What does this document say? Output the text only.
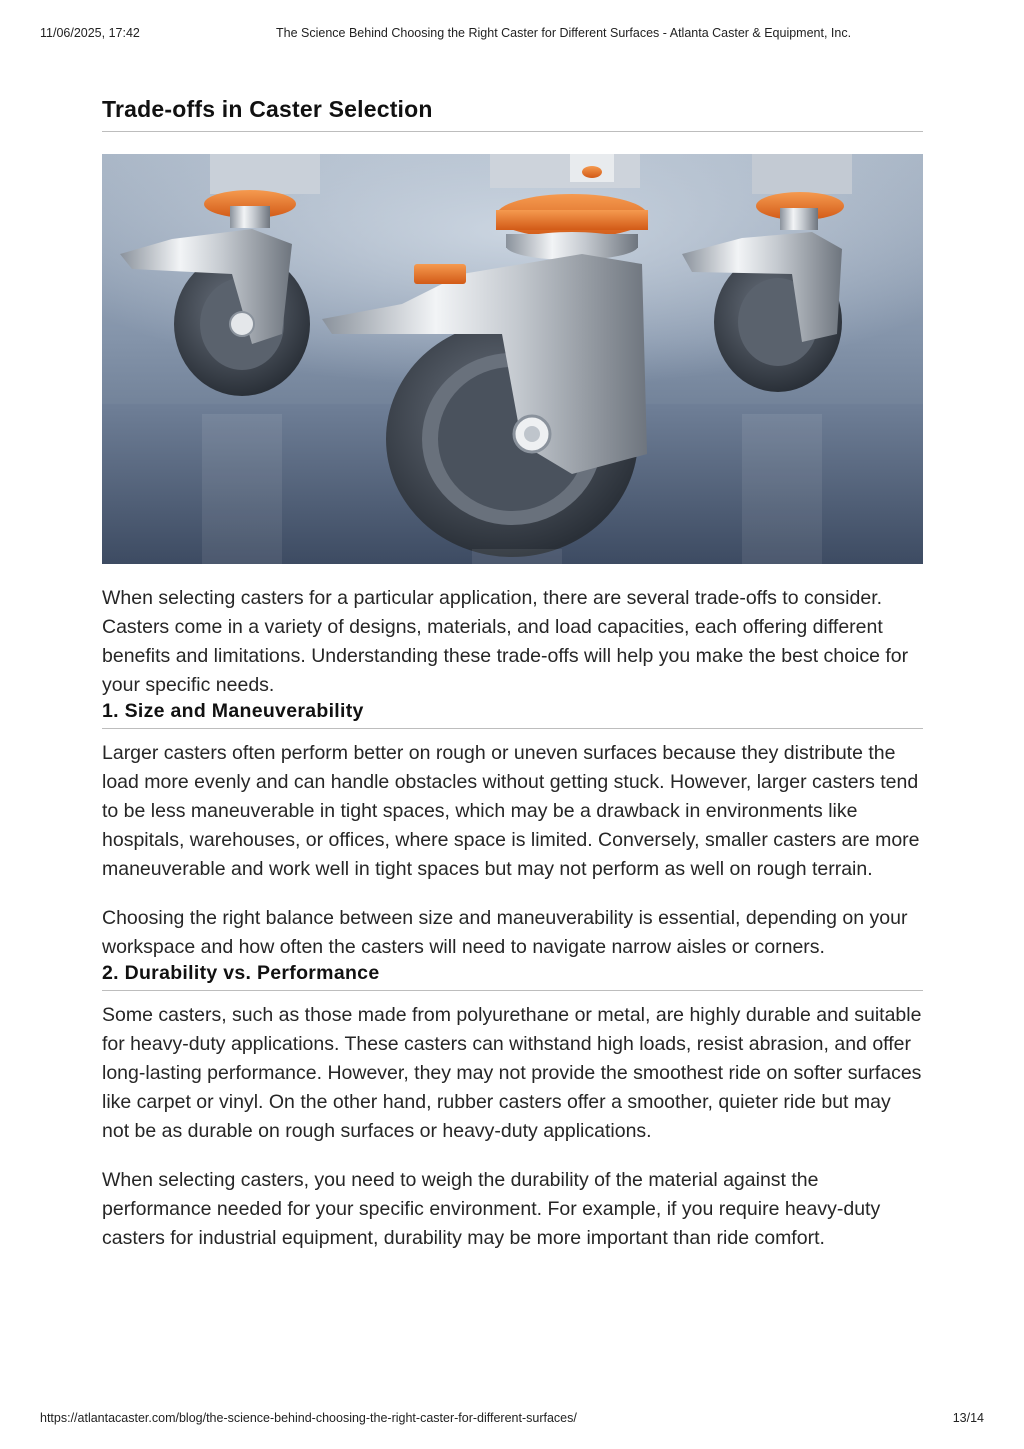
11/06/2025, 17:42	The Science Behind Choosing the Right Caster for Different Surfaces - Atlanta Caster & Equipment, Inc.
Trade-offs in Caster Selection

When selecting casters for a particular application, there are several trade-offs to consider. Casters come in a variety of designs, materials, and load capacities, each offering different benefits and limitations. Understanding these trade-offs will help you make the best choice for your specific needs.

1. Size and Maneuverability

Larger casters often perform better on rough or uneven surfaces because they distribute the load more evenly and can handle obstacles without getting stuck. However, larger casters tend to be less maneuverable in tight spaces, which may be a drawback in environments like hospitals, warehouses, or offices, where space is limited. Conversely, smaller casters are more maneuverable and work well in tight spaces but may not perform as well on rough terrain.

Choosing the right balance between size and maneuverability is essential, depending on your workspace and how often the casters will need to navigate narrow aisles or corners.

2. Durability vs. Performance

Some casters, such as those made from polyurethane or metal, are highly durable and suitable for heavy-duty applications. These casters can withstand high loads, resist abrasion, and offer long-lasting performance. However, they may not provide the smoothest ride on softer surfaces like carpet or vinyl. On the other hand, rubber casters offer a smoother, quieter ride but may not be as durable on rough surfaces or heavy-duty applications.

When selecting casters, you need to weigh the durability of the material against the performance needed for your specific environment. For example, if you require heavy-duty casters for industrial equipment, durability may be more important than ride comfort.

https://atlantacaster.com/blog/the-science-behind-choosing-the-right-caster-for-different-surfaces/	13/14
